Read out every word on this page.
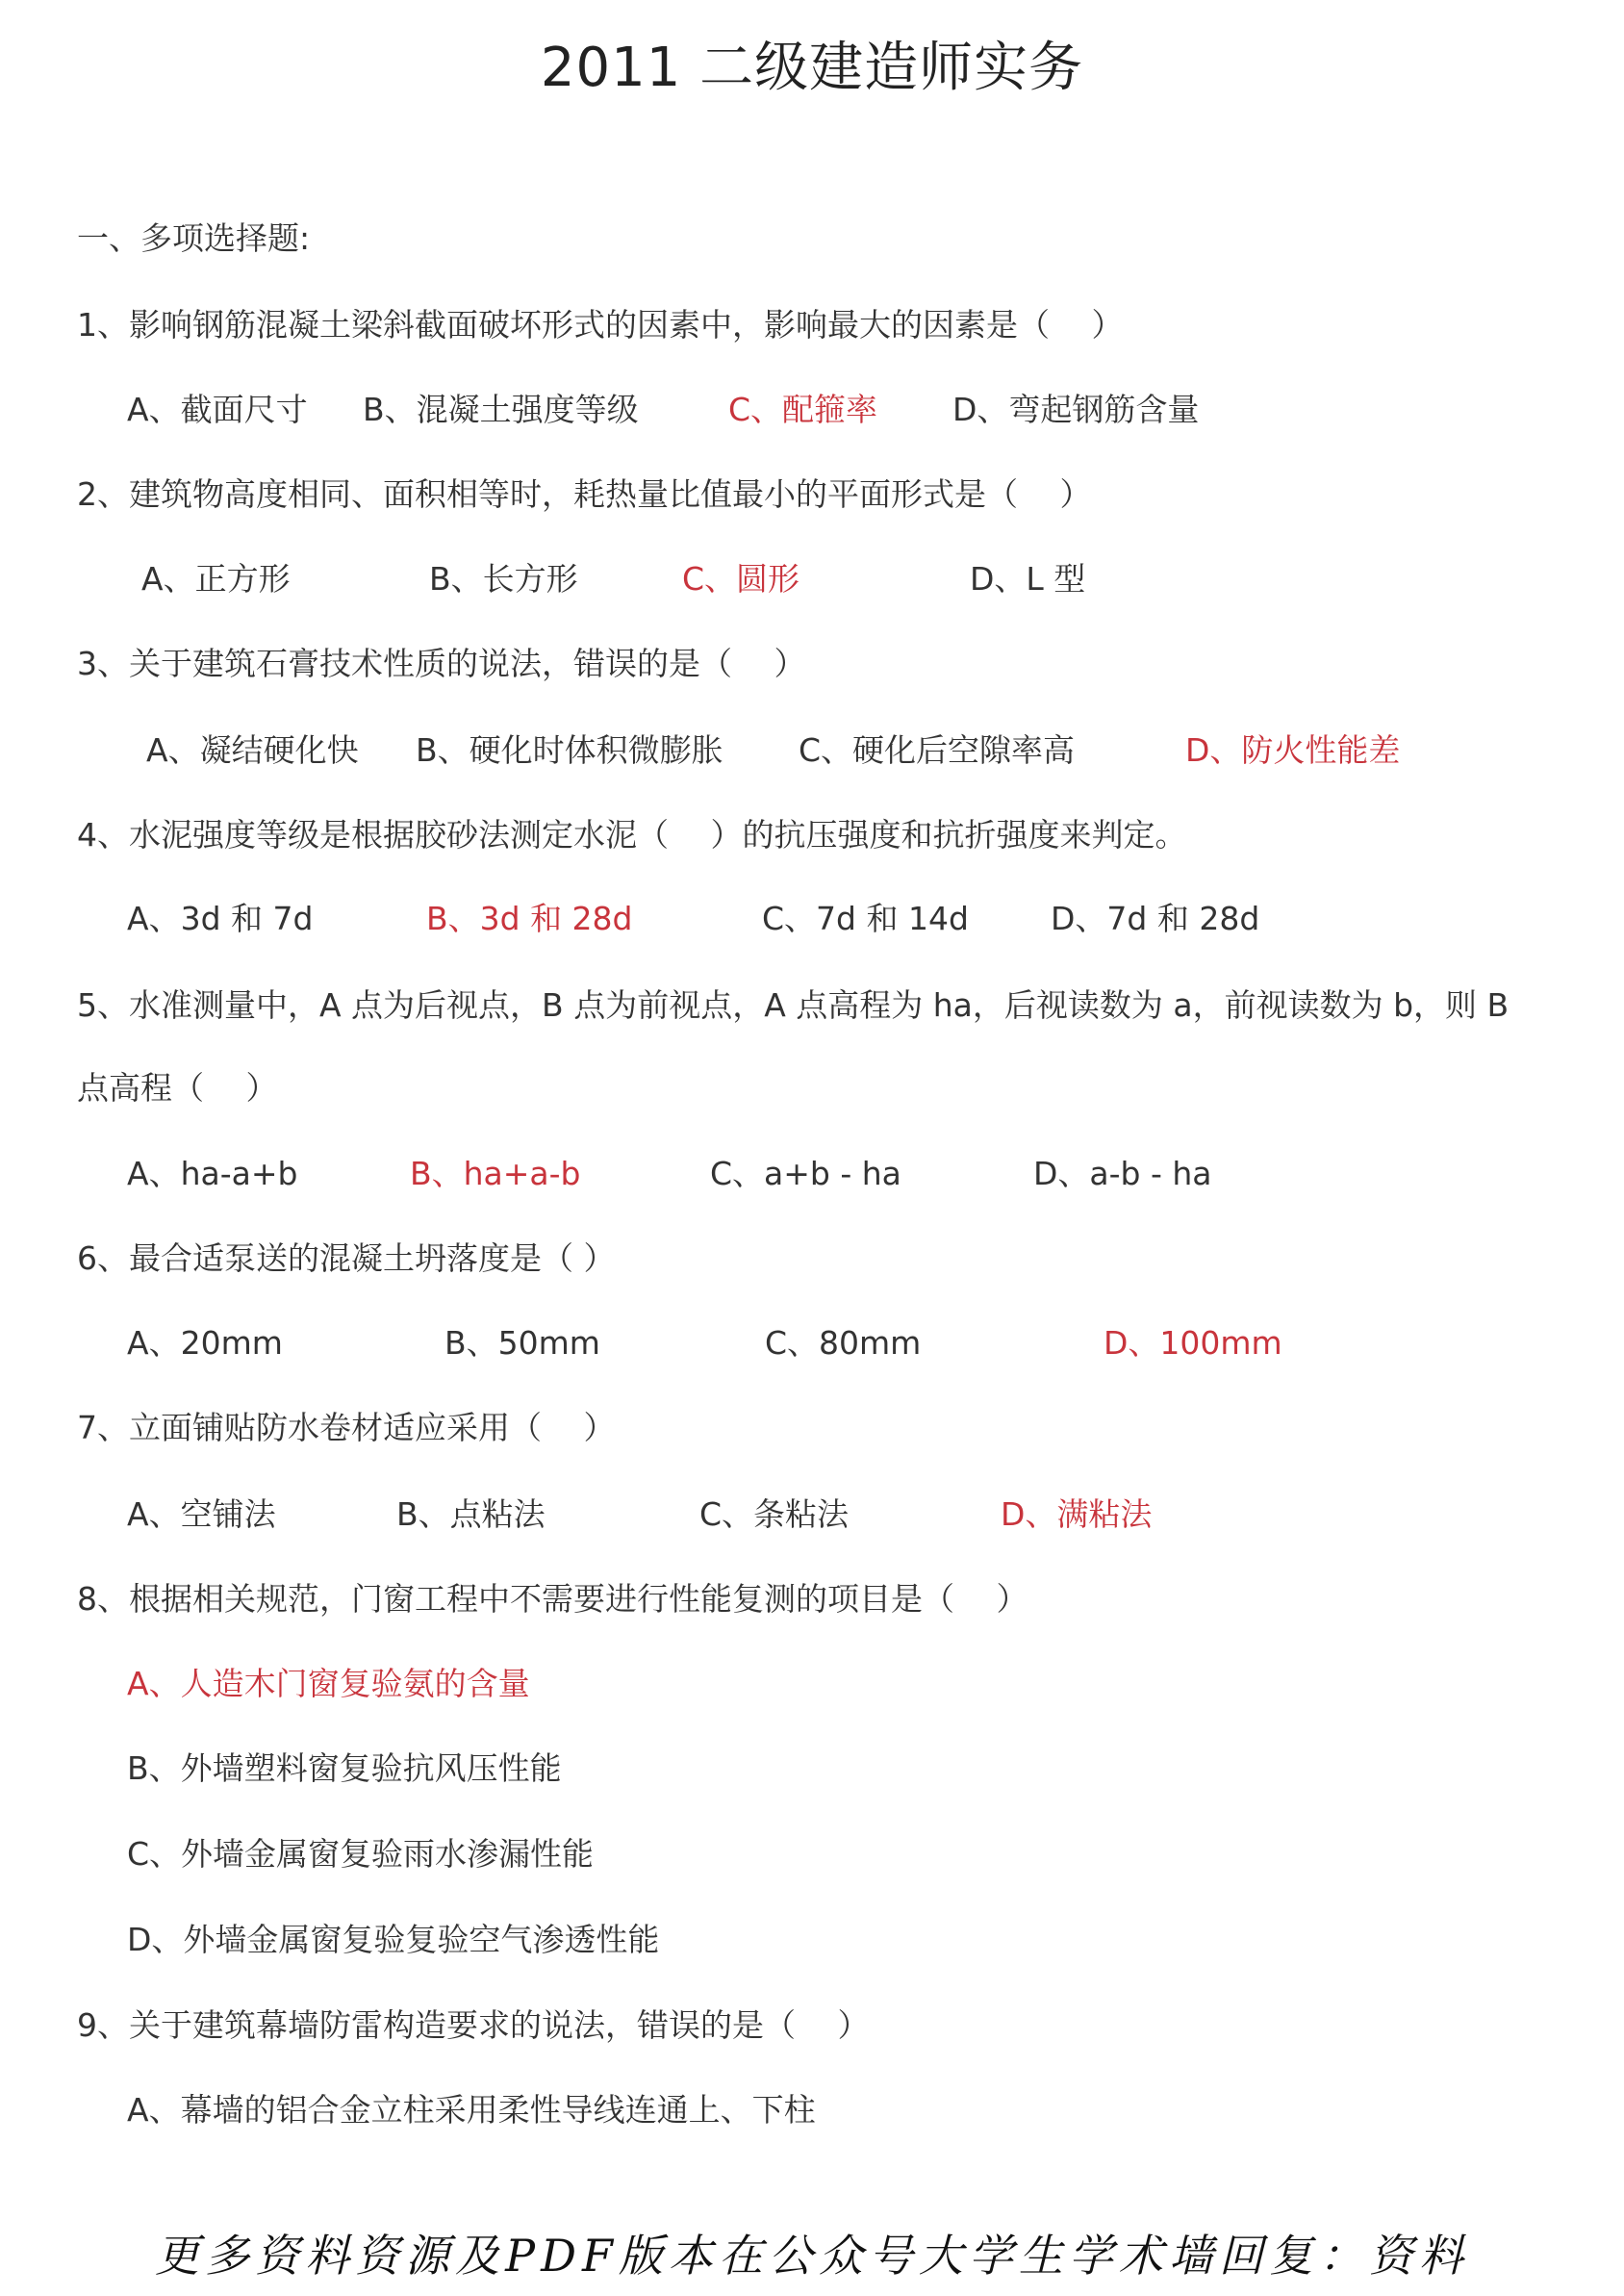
2011 二级建造师实务
一、多项选择题:
1、影响钢筋混凝土梁斜截面破坏形式的因素中，影响最大的因素是（　 ）
A、截面尺寸 B、混凝土强度等级	C、配箍率 D、弯起钢筋含量
2、建筑物高度相同、面积相等时，耗热量比值最小的平面形式是（　 ）
A、正方形	B、长方形	C、圆形	D、L 型
3、关于建筑石膏技术性质的说法，错误的是（　 ）
A、凝结硬化快 B、硬化时体积微膨胀 C、硬化后空隙率高	D、防火性能差
4、水泥强度等级是根据胶砂法测定水泥（　 ）的抗压强度和抗折强度来判定。
A、3d 和 7d	B、3d 和 28d	C、7d 和 14d	D、7d 和 28d
5、水准测量中，A 点为后视点，B 点为前视点，A 点高程为 ha，后视读数为 a，前视读数为 b，则 B
点高程（　 ）
A、ha-a+b	B、ha+a-b	C、a+b - ha	D、a-b - ha
6、最合适泵送的混凝土坍落度是（ ）
A、20mm	B、50mm	C、80mm	D、100mm
7、立面铺贴防水卷材适应采用（　 ）
A、空铺法	B、点粘法	C、条粘法	D、满粘法
8、根据相关规范，门窗工程中不需要进行性能复测的项目是（　 ）
A、人造木门窗复验氨的含量
B、外墙塑料窗复验抗风压性能
C、外墙金属窗复验雨水渗漏性能
D、外墙金属窗复验复验空气渗透性能
9、关于建筑幕墙防雷构造要求的说法，错误的是（　 ）
A、幕墙的铝合金立柱采用柔性导线连通上、下柱
更多资料资源及PDF版本在公众号大学生学术墙回复：资料
